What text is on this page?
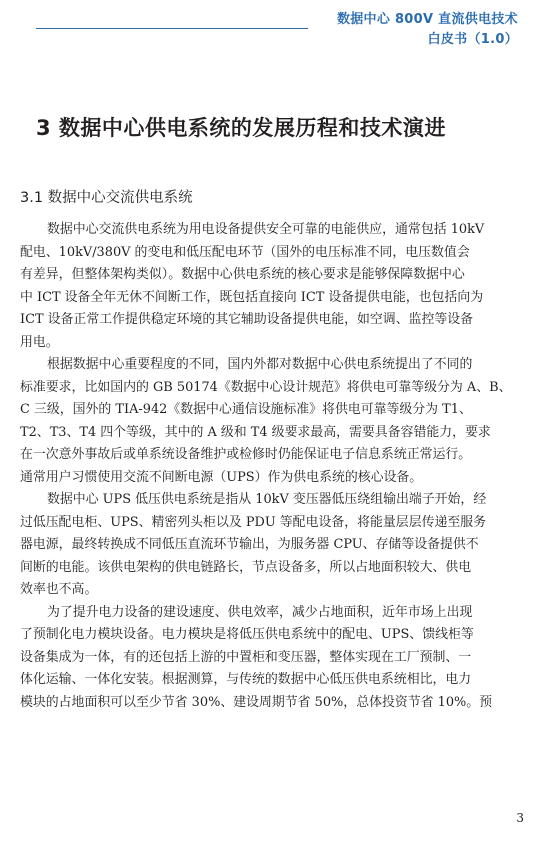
数据中心 800V 直流供电技术
白皮书（1.0）
3 数据中心供电系统的发展历程和技术演进
3.1 数据中心交流供电系统

数据中心交流供电系统为用电设备提供安全可靠的电能供应，通常包括 10kV
配电、10kV/380V 的变电和低压配电环节（国外的电压标准不同，电压数值会
有差异，但整体架构类似）。数据中心供电系统的核心要求是能够保障数据中心
中 ICT 设备全年无休不间断工作，既包括直接向 ICT 设备提供电能，也包括向为
ICT 设备正常工作提供稳定环境的其它辅助设备提供电能，如空调、监控等设备
用电。

根据数据中心重要程度的不同，国内外都对数据中心供电系统提出了不同的
标准要求，比如国内的 GB 50174《数据中心设计规范》将供电可靠等级分为 A、B、
C 三级，国外的 TIA-942《数据中心通信设施标准》将供电可靠等级分为 T1、
T2、T3、T4 四个等级，其中的 A 级和 T4 级要求最高，需要具备容错能力，要求
在一次意外事故后或单系统设备维护或检修时仍能保证电子信息系统正常运行。
通常用户习惯使用交流不间断电源（UPS）作为供电系统的核心设备。

数据中心 UPS 低压供电系统是指从 10kV 变压器低压绕组输出端子开始，经
过低压配电柜、UPS、精密列头柜以及 PDU 等配电设备，将能量层层传递至服务
器电源，最终转换成不同低压直流环节输出，为服务器 CPU、存储等设备提供不
间断的电能。该供电架构的供电链路长，节点设备多，所以占地面积较大、供电
效率也不高。

为了提升电力设备的建设速度、供电效率，减少占地面积，近年市场上出现
了预制化电力模块设备。电力模块是将低压供电系统中的配电、UPS、馈线柜等
设备集成为一体，有的还包括上游的中置柜和变压器，整体实现在工厂预制、一
体化运输、一体化安装。根据测算，与传统的数据中心低压供电系统相比，电力
模块的占地面积可以至少节省 30%、建设周期节省 50%，总体投资节省 10%。预

3
